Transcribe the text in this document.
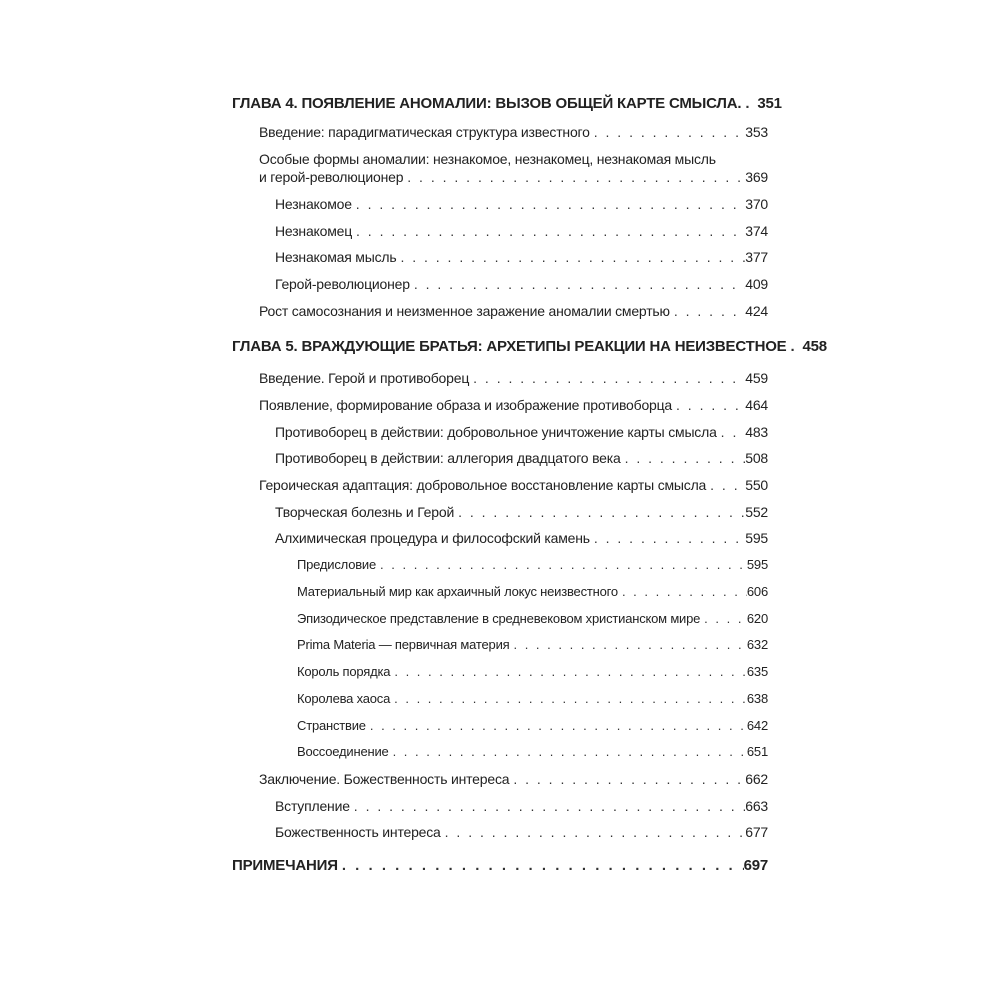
ГЛАВА 4. ПОЯВЛЕНИЕ АНОМАЛИИ: ВЫЗОВ ОБЩЕЙ КАРТЕ СМЫСЛА. . . . 351
Введение: парадигматическая структура известного . . .	353
Особые формы аномалии: незнакомое, незнакомец, незнакомая мысль
и герой-революционер . . .	369
Незнакомое . . .	370
Незнакомец . . .	374
Незнакомая мысль . . .	377
Герой-революционер . . .	409
Рост самосознания и неизменное заражение аномалии смертью . . .	424
ГЛАВА 5. ВРАЖДУЮЩИЕ БРАТЬЯ: АРХЕТИПЫ РЕАКЦИИ НА НЕИЗВЕСТНОЕ . . . 458
Введение. Герой и противоборец . . .	459
Появление, формирование образа и изображение противоборца . . .	464
Противоборец в действии: добровольное уничтожение карты смысла . . . 483
Противоборец в действии: аллегория двадцатого века . . .	508
Героическая адаптация: добровольное восстановление карты смысла . . .	550
Творческая болезнь и Герой . . .	552
Алхимическая процедура и философский камень . . .	595
Предисловие . . .	595
Материальный мир как архаичный локус неизвестного . . .	606
Эпизодическое представление в средневековом христианском мире . . .	620
Prima Materia — первичная материя . . .	632
Король порядка . . .	635
Королева хаоса . . .	638
Странствие . . .	642
Воссоединение . . .	651
Заключение. Божественность интереса . . .	662
Вступление . . .	663
Божественность интереса . . .	677
ПРИМЕЧАНИЯ . . .	697
